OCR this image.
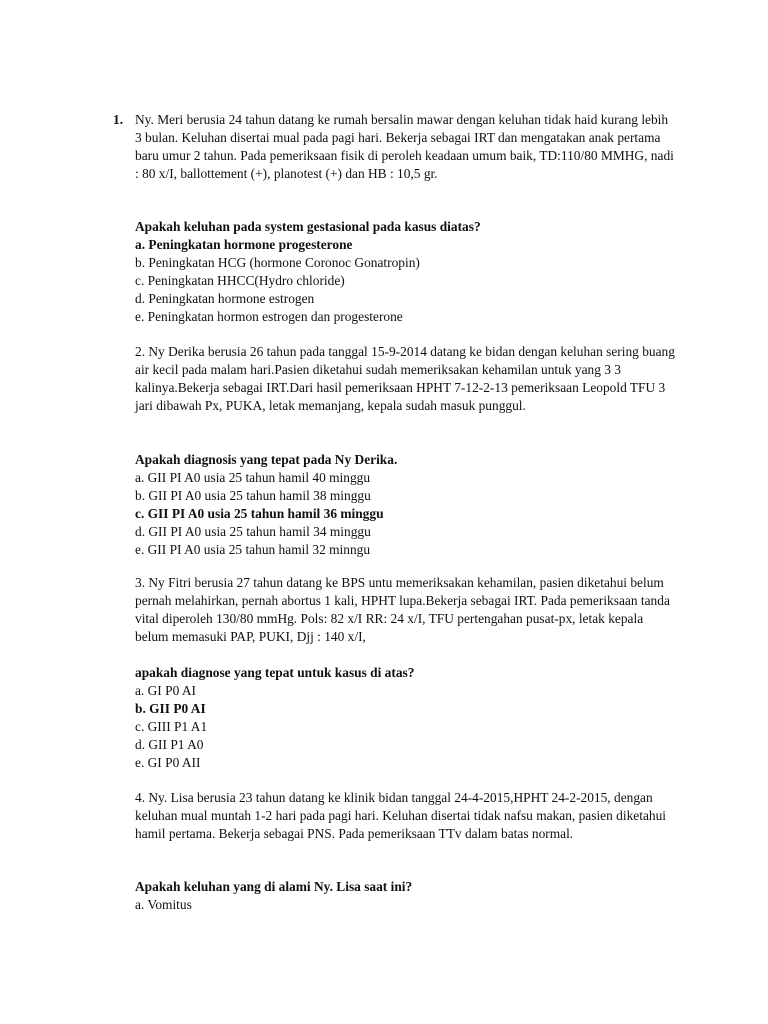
1. Ny. Meri berusia 24 tahun datang ke rumah bersalin mawar dengan keluhan tidak haid kurang lebih 3 bulan. Keluhan disertai mual pada pagi hari. Bekerja sebagai IRT dan mengatakan anak pertama baru umur 2 tahun. Pada pemeriksaan fisik di peroleh keadaan umum baik, TD:110/80 MMHG, nadi : 80 x/I, ballottement (+), planotest (+) dan HB : 10,5 gr.

Apakah keluhan pada system gestasional pada kasus diatas?

a. Peningkatan hormone progesterone
b. Peningkatan HCG (hormone Coronoc Gonatropin)
c. Peningkatan HHCC(Hydro chloride)
d. Peningkatan hormone estrogen
e. Peningkatan hormon estrogen dan progesterone

2. Ny Derika berusia 26 tahun pada tanggal 15-9-2014 datang ke bidan dengan keluhan sering buang air kecil pada malam hari.Pasien diketahui sudah memeriksakan kehamilan untuk yang 3 3 kalinya.Bekerja sebagai IRT.Dari hasil pemeriksaan HPHT 7-12-2-13 pemeriksaan Leopold TFU 3 jari dibawah Px, PUKA, letak memanjang, kepala sudah masuk punggul.

Apakah diagnosis yang tepat pada Ny Derika.

a. GII PI A0 usia 25 tahun hamil 40 minggu
b. GII PI A0 usia 25 tahun hamil 38 minggu
c. GII PI A0 usia 25 tahun hamil 36 minggu
d. GII PI A0 usia 25 tahun hamil 34 minggu
e. GII PI A0 usia 25 tahun hamil 32 minngu

3. Ny Fitri berusia 27 tahun datang ke BPS untu memeriksakan kehamilan, pasien diketahui belum pernah melahirkan, pernah abortus 1 kali, HPHT lupa.Bekerja sebagai IRT. Pada pemeriksaan tanda vital diperoleh 130/80 mmHg. Pols: 82 x/I RR: 24 x/I, TFU pertengahan pusat-px, letak kepala belum memasuki PAP, PUKI, Djj : 140 x/I,

apakah diagnose yang tepat untuk kasus di atas?

a. GI P0 AI
b. GII P0 AI
c. GIII P1 A1
d. GII P1 A0
e. GI P0 AII

4. Ny. Lisa berusia 23 tahun datang ke klinik bidan tanggal 24-4-2015,HPHT 24-2-2015, dengan keluhan mual muntah 1-2 hari pada pagi hari. Keluhan disertai tidak nafsu makan, pasien diketahui hamil pertama. Bekerja sebagai PNS. Pada pemeriksaan TTv dalam batas normal.

Apakah keluhan yang di alami Ny. Lisa saat ini?

a. Vomitus
